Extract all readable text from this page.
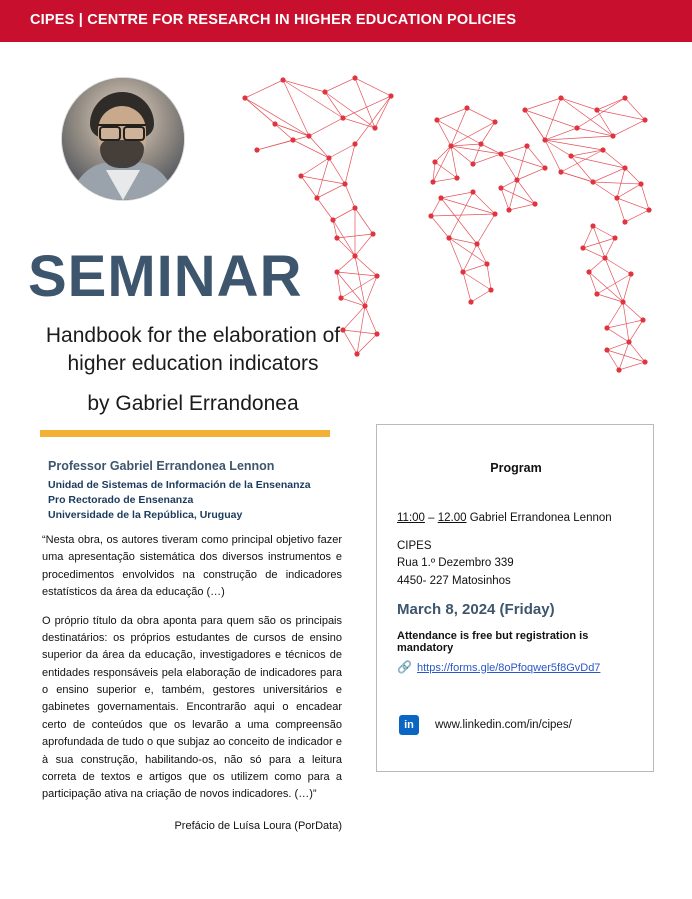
CIPES | CENTRE FOR RESEARCH IN HIGHER EDUCATION POLICIES
SEMINAR
Handbook for the elaboration of higher education indicators
by Gabriel Errandonea
Professor Gabriel Errandonea Lennon
Unidad de Sistemas de Información de la Ensenanza
Pro Rectorado de Ensenanza
Universidade de la República, Uruguay

“Nesta obra, os autores tiveram como principal objetivo fazer uma apresentação sistemática dos diversos instrumentos e procedimentos envolvidos na construção de indicadores estatísticos da área da educação (…)

O próprio título da obra aponta para quem são os principais destinatários: os próprios estudantes de cursos de ensino superior da área da educação, investigadores e técnicos de entidades responsáveis pela elaboração de indicadores para o ensino superior e, também, gestores universitários e gabinetes governamentais. Encontrarão aqui o encadear certo de conteúdos que os levarão a uma compreensão aprofundada de tudo o que subjaz ao conceito de indicador e à sua construção, habilitando-os, não só para a leitura correta de textos e artigos que os utilizem como para a participação ativa na criação de novos indicadores. (…)”

Prefácio de Luísa Loura (PorData)
Program
11:00 – 12.00 Gabriel Errandonea Lennon
CIPES
Rua 1.º Dezembro 339
4450- 227 Matosinhos
March 8, 2024 (Friday)
Attendance is free but registration is mandatory
🔗 https://forms.gle/8oPfoqwer5f8GvDd7
in	www.linkedin.com/in/cipes/
